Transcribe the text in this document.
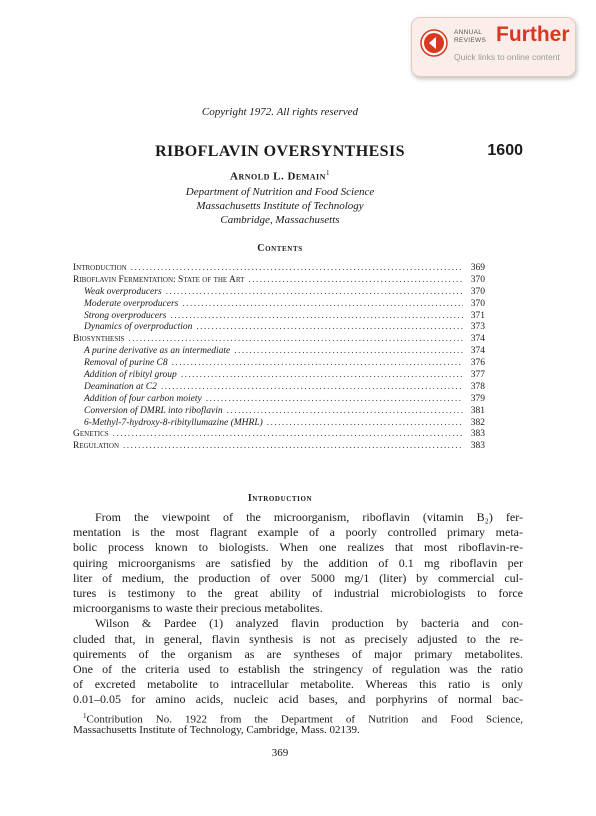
ANNUAL
REVIEWS Further
Quick links to online content
Copyright 1972. All rights reserved
RIBOFLAVIN OVERSYNTHESIS	1600
Arnold L. Demain$^1$
Department of Nutrition and Food Science
Massachusetts Institute of Technology
Cambridge, Massachusetts
Contents
Introduction .....	369
Riboflavin Fermentation: State of the Art .....	370
Weak overproducers .....	370
Moderate overproducers .....	370
Strong overproducers .....	371
Dynamics of overproduction .....	373
Biosynthesis .....	374
A purine derivative as an intermediate .....	374
Removal of purine C8 .....	376
Addition of ribityl group .....	377
Deamination at C2 .....	378
Addition of four carbon moiety .....	379
Conversion of DMRL into riboflavin .....	381
6-Methyl-7-hydroxy-8-ribityllumazine (MHRL) .....	382
Genetics .....	383
Regulation .....	383
Introduction
From the viewpoint of the microorganism, riboflavin (vitamin B₂) fer-
mentation is the most flagrant example of a poorly controlled primary meta-
bolic process known to biologists. When one realizes that most riboflavin-re-
quiring microorganisms are satisfied by the addition of 0.1 mg riboflavin per
liter of medium, the production of over 5000 mg/1 (liter) by commercial cul-
tures is testimony to the great ability of industrial microbiologists to force
microorganisms to waste their precious metabolites.
Wilson & Pardee (1) analyzed flavin production by bacteria and con-
cluded that, in general, flavin synthesis is not as precisely adjusted to the re-
quirements of the organism as are syntheses of major primary metabolites.
One of the criteria used to establish the stringency of regulation was the ratio
of excreted metabolite to intracellular metabolite. Whereas this ratio is only
0.01–0.05 for amino acids, nucleic acid bases, and porphyrins of normal bac-
$^1$Contribution No. 1922 from the Department of Nutrition and Food Science,
Massachusetts Institute of Technology, Cambridge, Mass. 02139.
369
